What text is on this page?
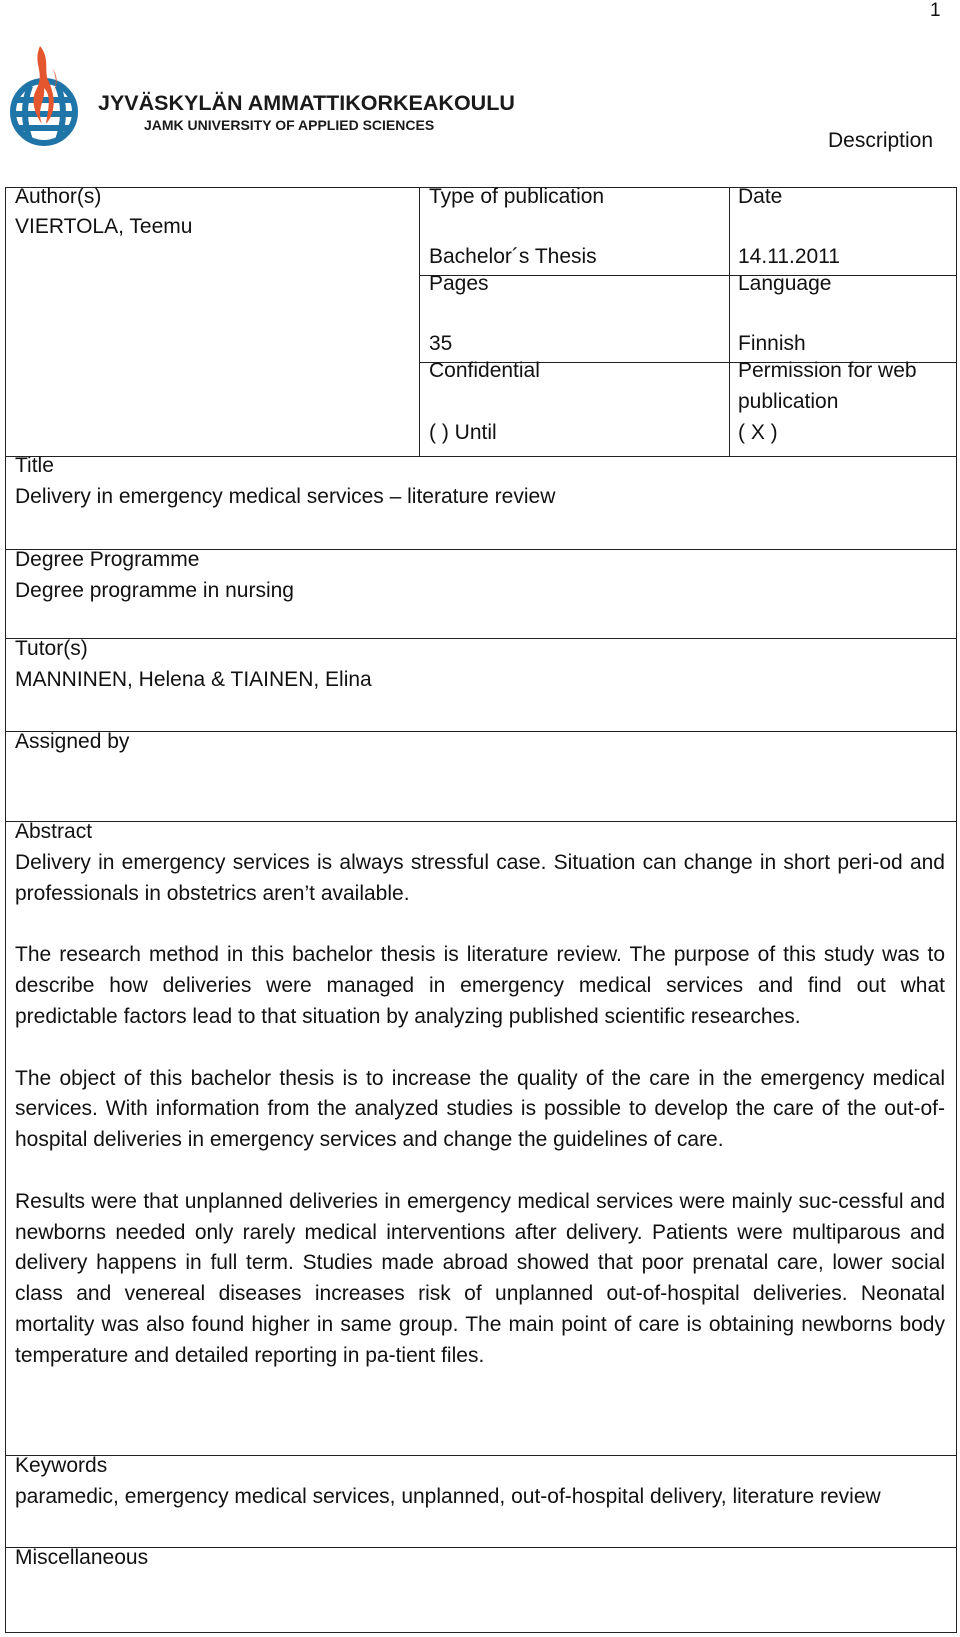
1
JYVÄSKYLÄN AMMATTIKORKEAKOULU
JAMK UNIVERSITY OF APPLIED SCIENCES
Description
Author(s)
VIERTOLA, Teemu
Type of publication
Bachelor´s Thesis
Date
14.11.2011
Pages
35
Language
Finnish
Confidential
( ) Until
Permission for web
publication
( X )
Title
Delivery in emergency medical services – literature review
Degree Programme
Degree programme in nursing
Tutor(s)
MANNINEN, Helena & TIAINEN, Elina
Assigned by
Abstract

Delivery in emergency services is always stressful case. Situation can change in short peri-od and professionals in obstetrics aren’t available.

The research method in this bachelor thesis is literature review. The purpose of this study was to describe how deliveries were managed in emergency medical services and find out what predictable factors lead to that situation by analyzing published scientific researches.

The object of this bachelor thesis is to increase the quality of the care in the emergency medical services. With information from the analyzed studies is possible to develop the care of the out-of-hospital deliveries in emergency services and change the guidelines of care.

Results were that unplanned deliveries in emergency medical services were mainly suc-cessful and newborns needed only rarely medical interventions after delivery. Patients were multiparous and delivery happens in full term. Studies made abroad showed that poor prenatal care, lower social class and venereal diseases increases risk of unplanned out-of-hospital deliveries. Neonatal mortality was also found higher in same group. The main point of care is obtaining newborns body temperature and detailed reporting in pa-tient files.

Keywords
paramedic, emergency medical services, unplanned, out-of-hospital delivery, literature review
Miscellaneous
